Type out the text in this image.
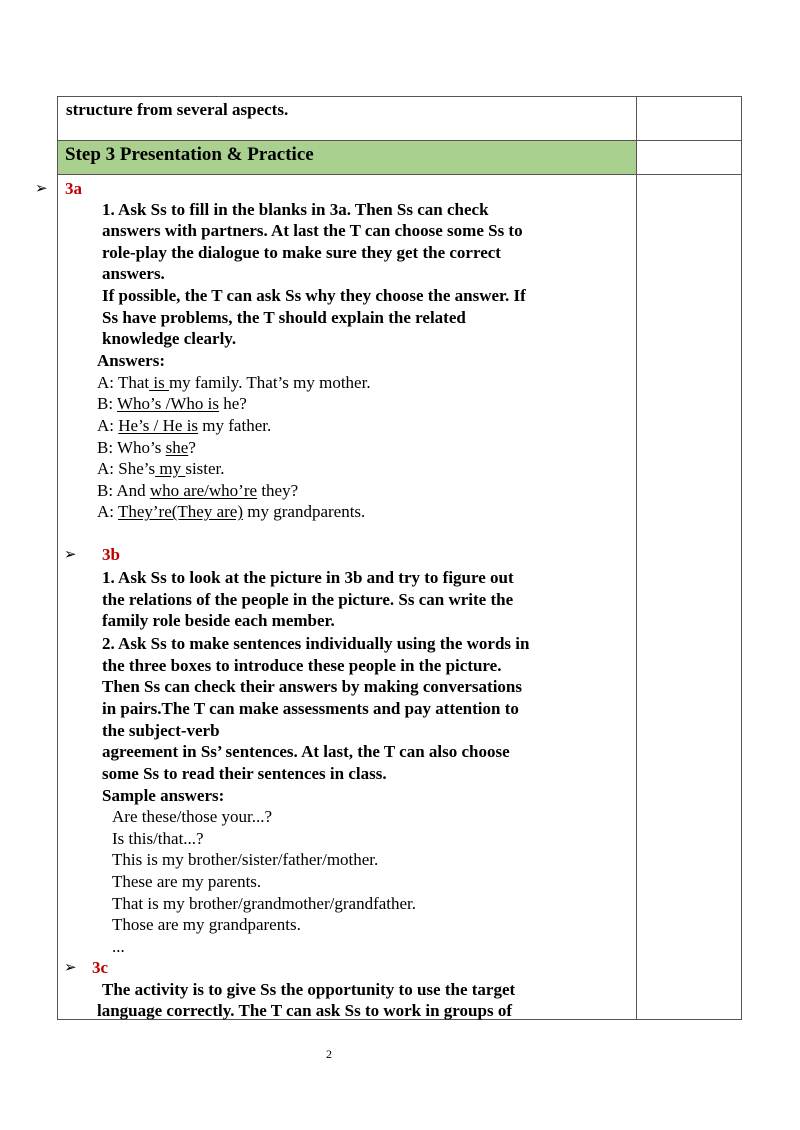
structure from several aspects.
Step 3 Presentation & Practice
➢ 3a
1. Ask Ss to fill in the blanks in 3a. Then Ss can check
answers with partners. At last the T can choose some Ss to
role-play the dialogue to make sure they get the correct
answers.
If possible, the T can ask Ss why they choose the answer. If
Ss have problems, the T should explain the related
knowledge clearly.
Answers:
A: That is my family. That’s my mother.
B: Who’s /Who is he?
A: He’s / He is my father.
B: Who’s she?
A: She’s my sister.
B: And who are/who’re they?
A: They’re(They are) my grandparents.
➢ 3b
1. Ask Ss to look at the picture in 3b and try to figure out
the relations of the people in the picture. Ss can write the
family role beside each member.
2. Ask Ss to make sentences individually using the words in
the three boxes to introduce these people in the picture.
Then Ss can check their answers by making conversations
in pairs.The T can make assessments and pay attention to
the subject-verb
agreement in Ss’ sentences. At last, the T can also choose
some Ss to read their sentences in class.
Sample answers:
Are these/those your...?
Is this/that...?
This is my brother/sister/father/mother.
These are my parents.
That is my brother/grandmother/grandfather.
Those are my grandparents.
...
➢ 3c
The activity is to give Ss the opportunity to use the target
language correctly. The T can ask Ss to work in groups of
2
